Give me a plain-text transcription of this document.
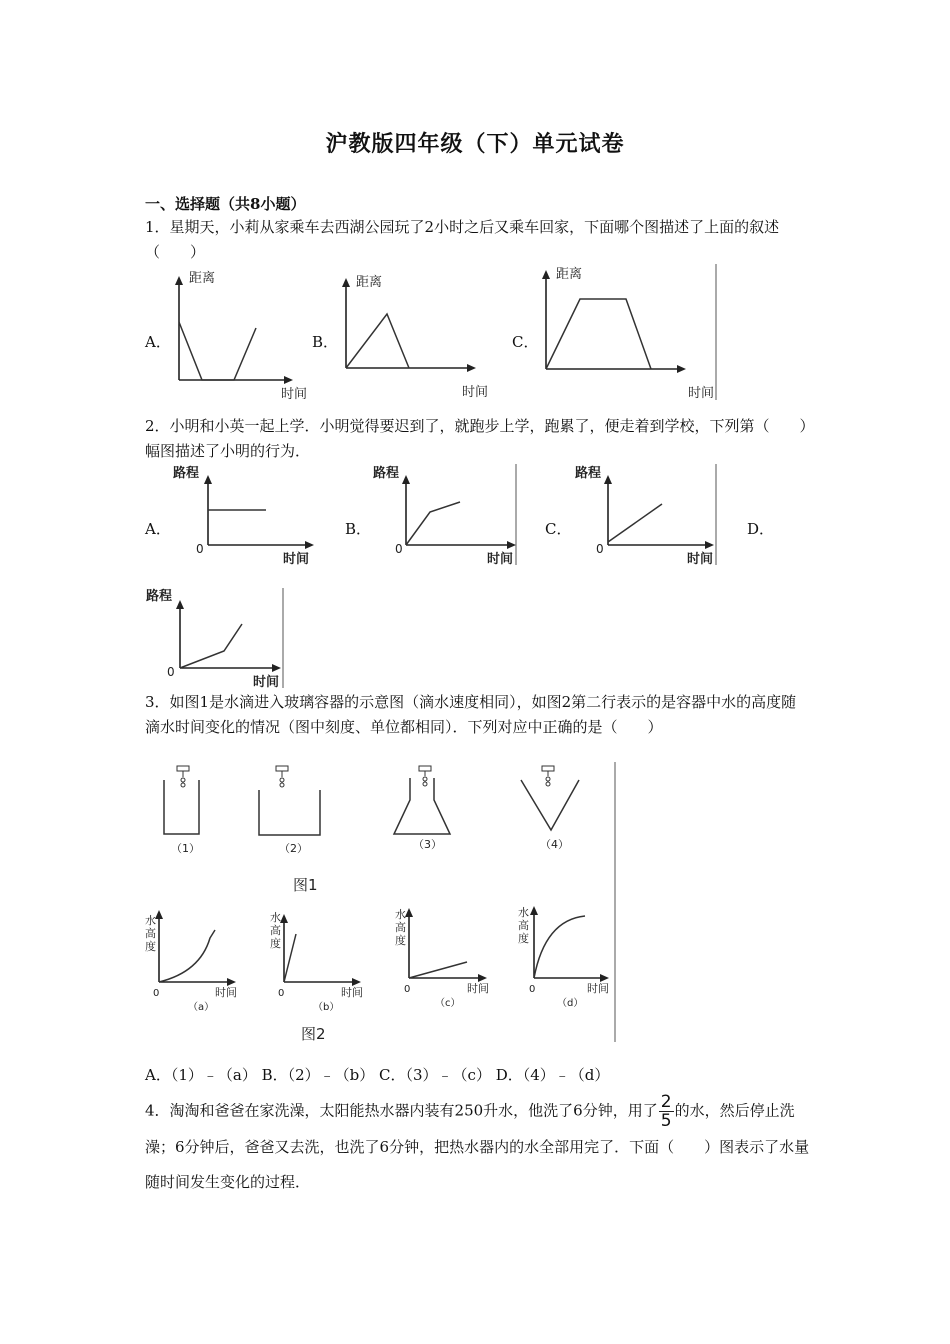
沪教版四年级（下）单元试卷
一、选择题（共8小题）
1．星期天，小莉从家乘车去西湖公园玩了2小时之后又乘车回家，下面哪个图描述了上面的叙述（　　）
A．
距离
时间
B．
距离
时间
C．
距离
时间
2．小明和小英一起上学．小明觉得要迟到了，就跑步上学，跑累了，便走着到学校，下列第（　　）幅图描述了小明的行为．
A．
路程
时间
0
B．
路程
时间
0
C．
路程
时间
0
D．
路程
时间
0
3．如图1是水滴进入玻璃容器的示意图（滴水速度相同），如图2第二行表示的是容器中水的高度随滴水时间变化的情况（图中刻度、单位都相同）．下列对应中正确的是（　　）
（1）	（2）	（3）	（4）
图1
水
高
度
0	时间
（a）
水
高
度
0	时间
（b）
水
高
度
0	时间
（c）
水
高
度
0	时间
（d）
图2
A．（1）﹣（a） B．（2）﹣（b） C．（3）﹣（c） D．（4）﹣（d）
4．淘淘和爸爸在家洗澡，太阳能热水器内装有250升水，他洗了6分钟，用了 $\frac{2}{5}$ 的水，然后停止洗澡；6分钟后，爸爸又去洗，也洗了6分钟，把热水器内的水全部用完了．下面（　　）图表示了水量随时间发生变化的过程．
